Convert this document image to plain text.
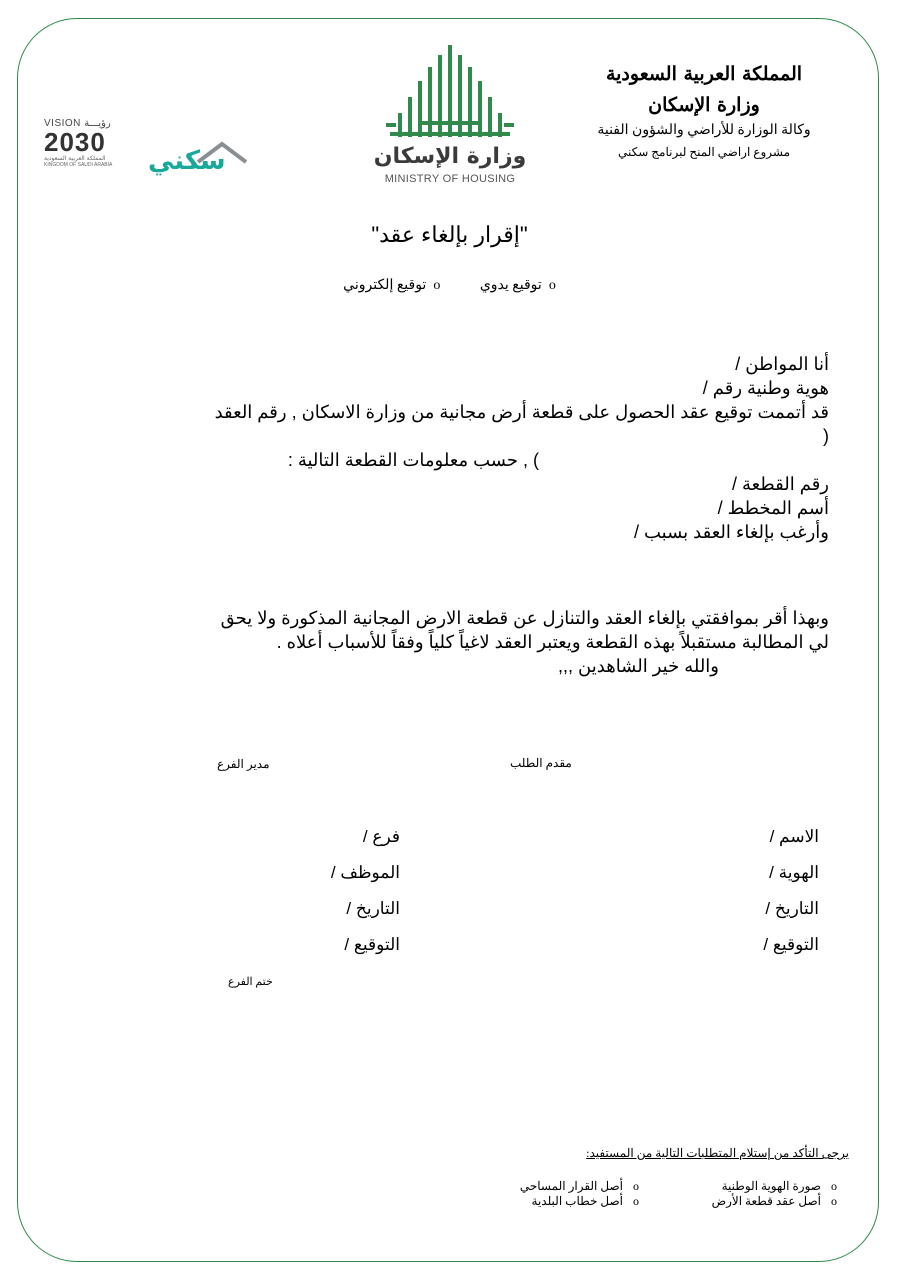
المملكة العربية السعودية
وزارة الإسكان
وكالة الوزارة للأراضي والشؤون الفنية
مشروع اراضي المنح لبرنامج سكني
وزارة الإسكان
MINISTRY OF HOUSING
سكني
VISION رؤيـــة
2030
المملكة العربية السعودية
KINGDOM OF SAUDI ARABIA
"إقرار بإلغاء عقد"
o  توقيع يدوي o  توقيع إلكتروني
أنا المواطن /
هوية وطنية رقم /
قد أتممت توقيع عقد الحصول على قطعة أرض مجانية من وزارة الاسكان , رقم العقد
(
) , حسب معلومات القطعة التالية :
رقم القطعة /
أسم المخطط /
وأرغب بإلغاء العقد بسبب /
وبهذا أقر بموافقتي بإلغاء العقد والتنازل عن قطعة الارض المجانية المذكورة ولا يحق
لي المطالبة مستقبلاً بهذه القطعة ويعتبر العقد لاغياً كلياً وفقاً للأسباب أعلاه .
والله خير الشاهدين ,,,
مقدم الطلب
مدير الفرع
الاسم /
الهوية /
التاريخ /
التوقيع /
فرع /
الموظف /
التاريخ /
التوقيع /
ختم الفرع
يرجى التأكد من إستلام المتطلبات التالية من المستفيد:
oصورة الهوية الوطنية
oأصل عقد قطعة الأرض
oأصل القرار المساحي
oأصل خطاب البلدية
